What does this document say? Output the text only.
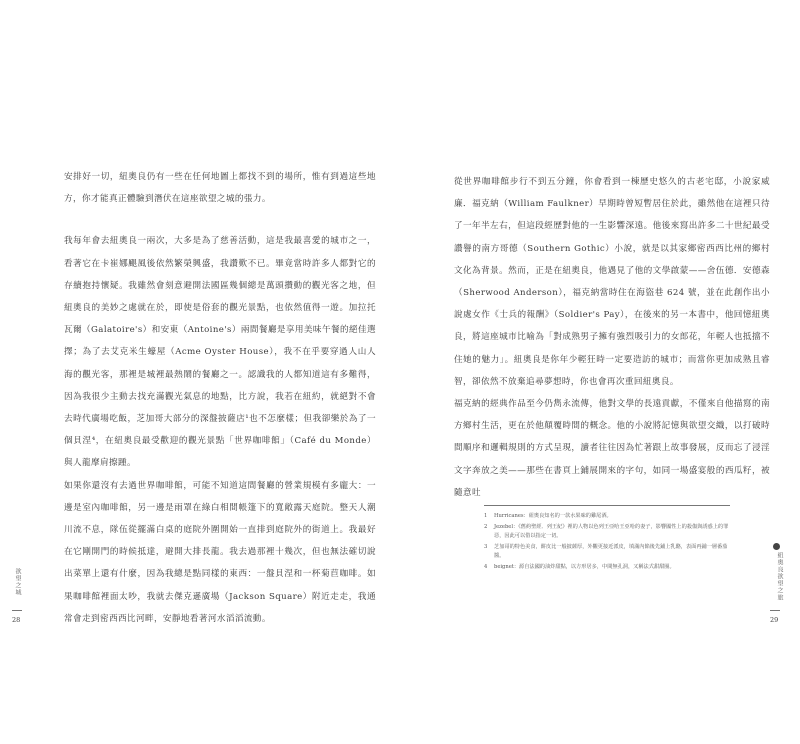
安排好一切，紐奧良仍有一些在任何地圖上都找不到的場所，惟有到過這些地方，你才能真正體驗到潛伏在這座欲望之城的張力。

我每年會去紐奧良一兩次，大多是為了慈善活動，這是我最喜愛的城市之一，看著它在卡崔娜颶風後依然繁榮興盛，我讚歎不已。畢竟當時許多人都對它的存續抱持懷疑。我雖然會刻意避開法國區幾個總是萬頭攢動的觀光客之地，但紐奧良的美妙之處就在於，即使是俗套的觀光景點，也依然值得一遊。加拉托瓦爾（Galatoire's）和安東（Antoine's）兩間餐廳是享用美味午餐的絕佳選擇；為了去艾克米生蠔屋（Acme Oyster House），我不在乎要穿過人山人海的觀光客，那裡是城裡最熱鬧的餐廳之一。認識我的人都知道這有多難得，因為我很少主動去找充滿觀光氣息的地點，比方說，我若在紐約，就絕對不會去時代廣場吃飯，芝加哥大部分的深盤披薩店¹也不怎麼樣；但我卻樂於為了一個貝涅⁴，在紐奧良最受歡迎的觀光景點「世界咖啡館」（Café du Monde）與人龍摩肩擦踵。

如果你還沒有去過世界咖啡館，可能不知道這間餐廳的營業規模有多龐大：一邊是室內咖啡館，另一邊是雨罩在綠白相間帳篷下的寬敞露天庭院。整天人潮川流不息，隊伍從擺滿白桌的庭院外圍開始一直排到庭院外的街道上。我最好在它剛開門的時候抵達，避開大排長龍。我去過那裡十幾次，但也無法確切說出菜單上還有什麼，因為我總是點同樣的東西：一盤貝涅和一杯菊苣咖啡。如果咖啡館裡面太吵，我就去傑克遜廣場（Jackson Square）附近走走，我通常會走到密西西比河畔，安靜地看著河水滔滔流動。

從世界咖啡館步行不到五分鐘，你會看到一棟歷史悠久的古老宅邸，小說家威廉．福克納（William Faulkner）早期時曾短暫居住於此，雖然他在這裡只待了一年半左右，但這段經歷對他的一生影響深遠。他後來寫出許多二十世紀最受讚譽的南方哥德（Southern Gothic）小說，就是以其家鄉密西西比州的鄉村文化為背景。然而，正是在紐奧良，他遇見了他的文學啟蒙——舍伍德．安德森（Sherwood Anderson），福克納當時住在海盜巷 624 號，並在此創作出小說處女作《士兵的報酬》（Soldier's Pay），在後來的另一本書中，他回憶紐奧良，將這座城市比喻為「對成熟男子擁有強烈吸引力的女郎花，年輕人也抵擋不住她的魅力」。紐奧良是你年少輕狂時一定要造訪的城市；而當你更加成熟且睿智，卻依然不放棄追尋夢想時，你也會再次重回紐奧良。

福克納的經典作品至今仍雋永流傳，他對文學的長遠貢獻，不僅來自他描寫的南方鄉村生活，更在於他顛覆時間的概念。他的小說將記憶與欲望交織，以打破時間順序和邏輯規則的方式呈現，讀者往往因為忙著跟上故事發展，反而忘了浸淫文字奔放之美——那些在書頁上鋪展開來的字句，如同一場盛宴般的西瓜籽，被隨意吐

1	Hurricanes：紐奧良知名的一款水果味的雞尾酒。
2	Jezebel：《舊約聖經．列王紀》裡的人物以色列王亞哈王亞哈的妻子，影響國性上的殺傷與誘惑上的罪惡，因此可以借以指定一切。
3	芝加哥的特色美食，餅皮比一般披薩厚，外觀更接近派皮，填滿內餡後先鋪上乳酪，表面再鋪一層番茄醬。
4	beignet：源自法國的油炸甜點，以方形居多，中間無孔洞，又稱法式甜甜圈。
欲望之城
28
紐奧良欲望之旅
29
